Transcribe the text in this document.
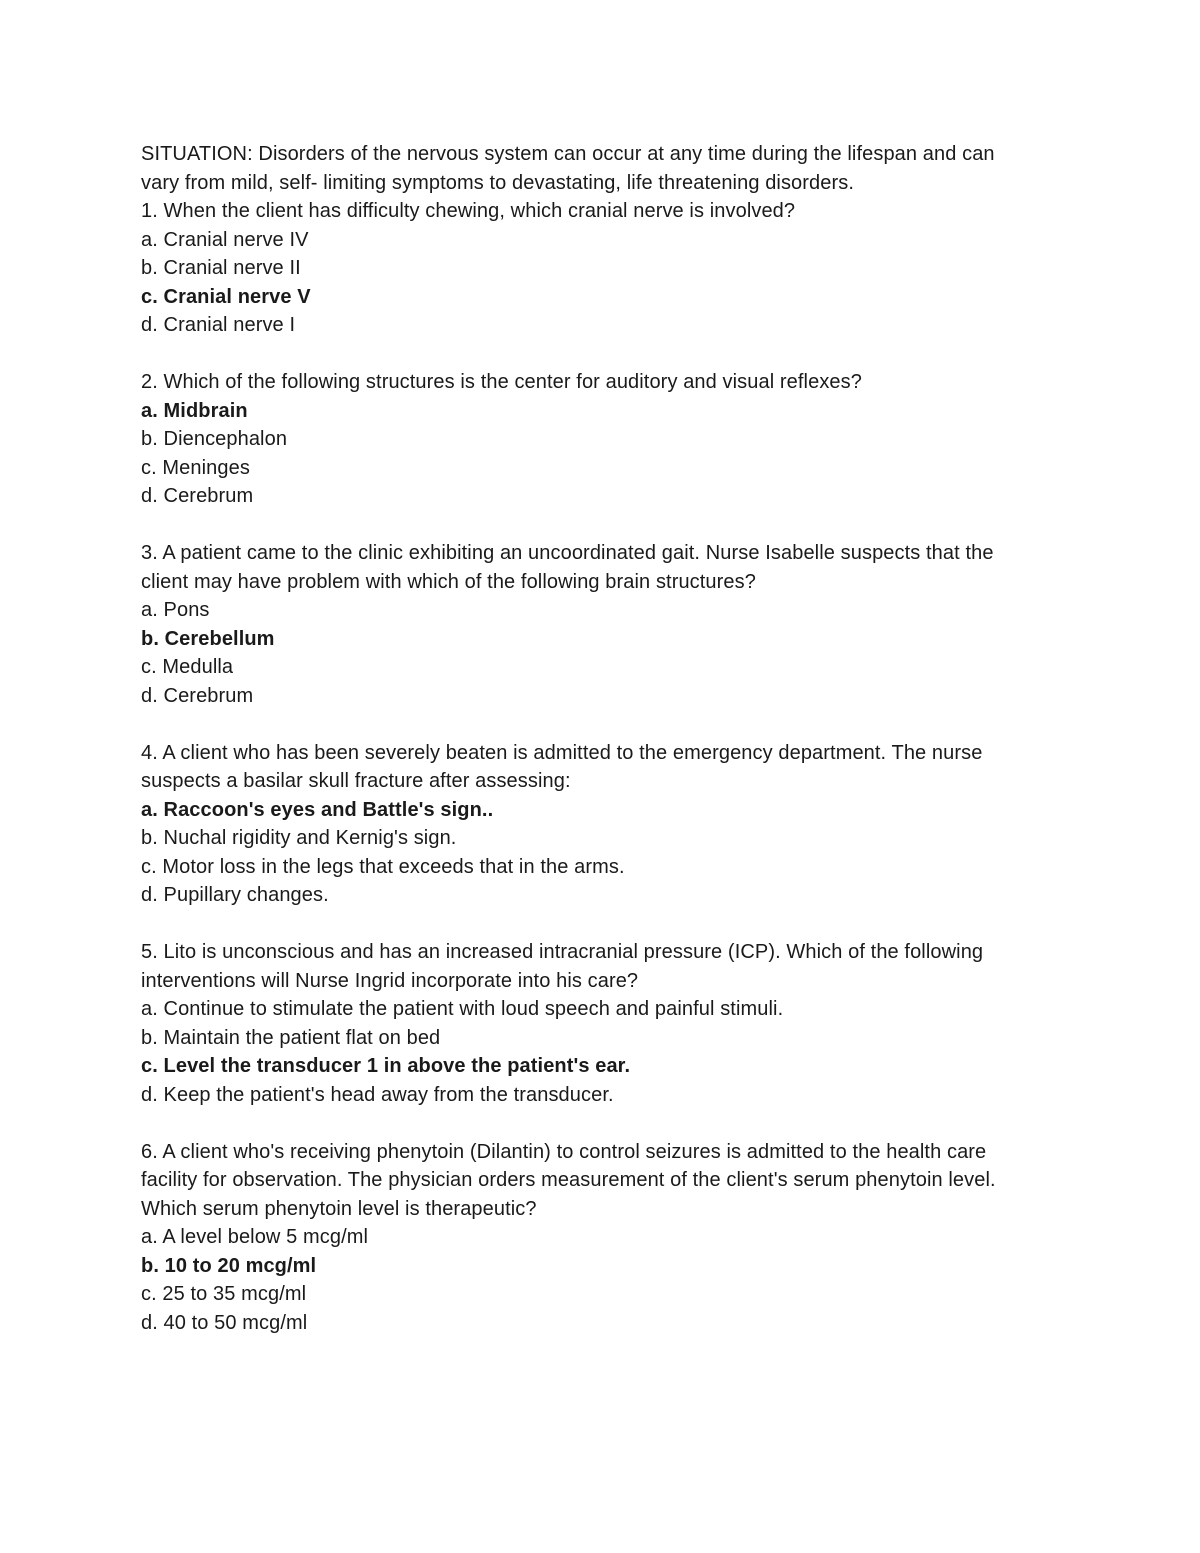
SITUATION: Disorders of the nervous system can occur at any time during the lifespan and can
vary from mild, self- limiting symptoms to devastating, life threatening disorders.
1. When the client has difficulty chewing, which cranial nerve is involved?
a. Cranial nerve IV
b. Cranial nerve II
c. Cranial nerve V
d. Cranial nerve I
2. Which of the following structures is the center for auditory and visual reflexes?
a. Midbrain
b. Diencephalon
c. Meninges
d. Cerebrum
3. A patient came to the clinic exhibiting an uncoordinated gait. Nurse Isabelle suspects that the
client may have problem with which of the following brain structures?
a. Pons
b. Cerebellum
c. Medulla
d. Cerebrum
4. A client who has been severely beaten is admitted to the emergency department. The nurse
suspects a basilar skull fracture after assessing:
a. Raccoon's eyes and Battle's sign..
b. Nuchal rigidity and Kernig's sign.
c. Motor loss in the legs that exceeds that in the arms.
d. Pupillary changes.
5. Lito is unconscious and has an increased intracranial pressure (ICP). Which of the following
interventions will Nurse Ingrid incorporate into his care?
a. Continue to stimulate the patient with loud speech and painful stimuli.
b. Maintain the patient flat on bed
c. Level the transducer 1 in above the patient's ear.
d. Keep the patient's head away from the transducer.
6. A client who's receiving phenytoin (Dilantin) to control seizures is admitted to the health care
facility for observation. The physician orders measurement of the client's serum phenytoin level.
Which serum phenytoin level is therapeutic?
a. A level below 5 mcg/ml
b. 10 to 20 mcg/ml
c. 25 to 35 mcg/ml
d. 40 to 50 mcg/ml
